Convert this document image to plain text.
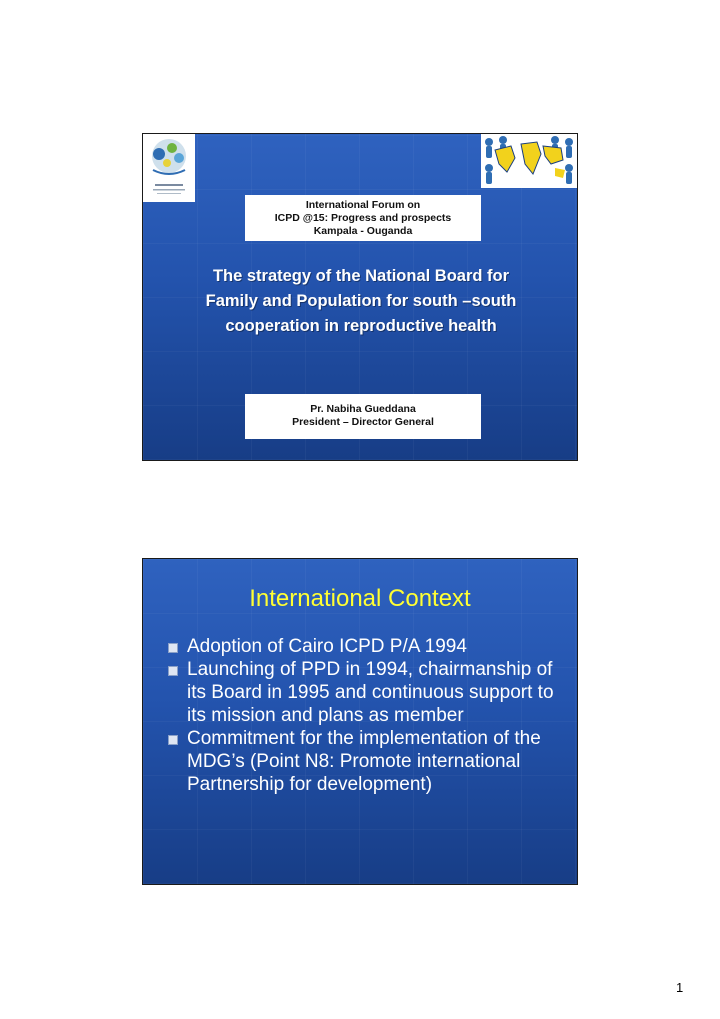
International Forum on
ICPD @15: Progress and prospects
Kampala - Ouganda
The strategy of the National Board for
Family and Population for south –south
cooperation in reproductive health
Pr. Nabiha Gueddana
President – Director General
International Context
Adoption of Cairo ICPD P/A 1994
Launching of PPD in 1994, chairmanship of its Board in 1995 and continuous support to its mission and plans as member
Commitment for the implementation of the MDG’s (Point N8: Promote international Partnership for development)
1
